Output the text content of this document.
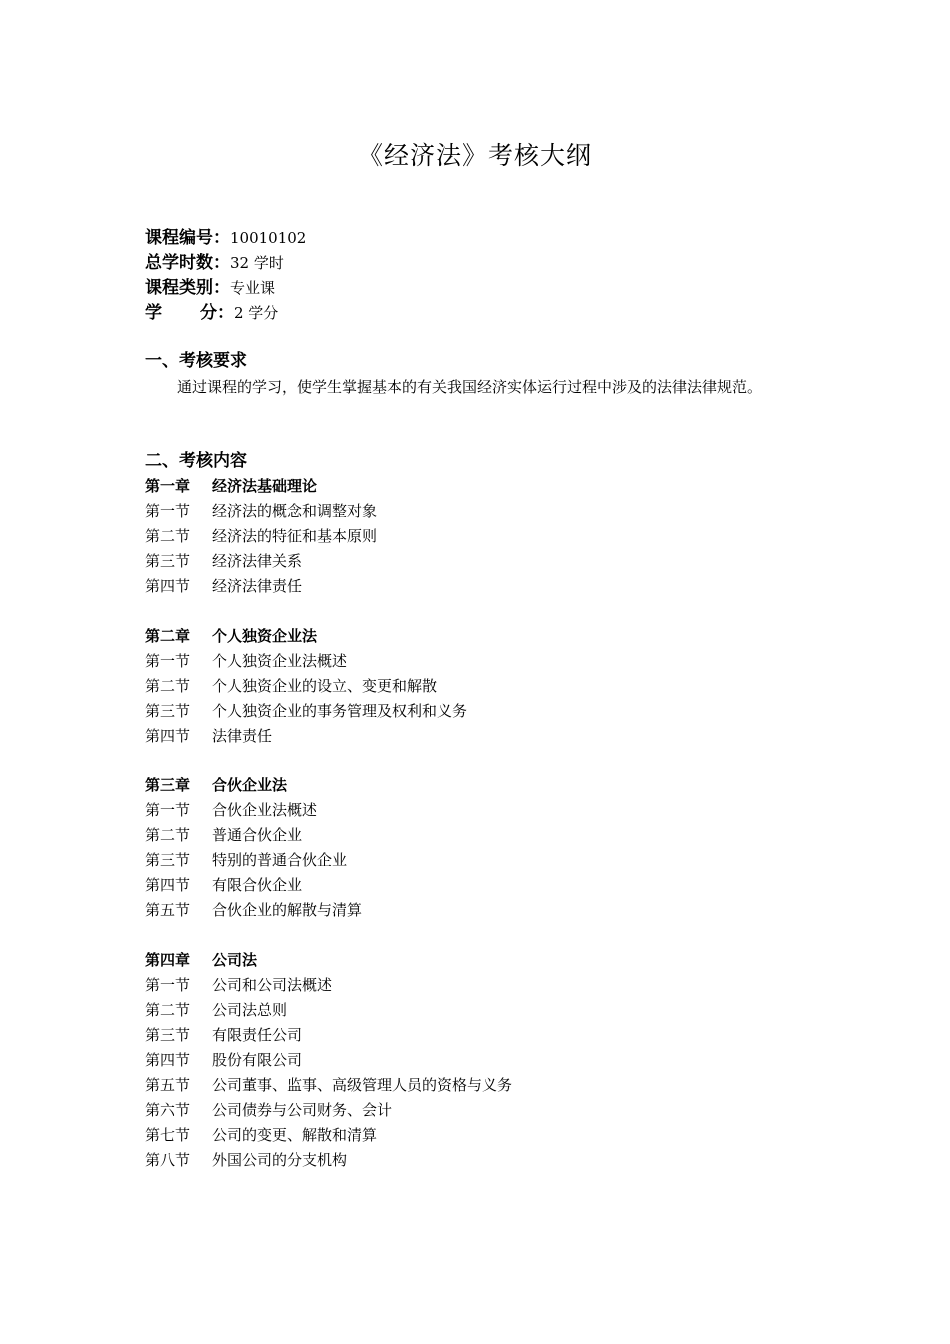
《经济法》考核大纲
课程编号：10010102
总学时数：32 学时
课程类别：专业课
学 分：2 学分
一、考核要求
通过课程的学习，使学生掌握基本的有关我国经济实体运行过程中涉及的法律法律规范。
二、考核内容
第一章 经济法基础理论
第一节 经济法的概念和调整对象
第二节 经济法的特征和基本原则
第三节 经济法律关系
第四节 经济法律责任
第二章 个人独资企业法
第一节 个人独资企业法概述
第二节 个人独资企业的设立、变更和解散
第三节 个人独资企业的事务管理及权利和义务
第四节 法律责任
第三章 合伙企业法
第一节 合伙企业法概述
第二节 普通合伙企业
第三节 特别的普通合伙企业
第四节 有限合伙企业
第五节 合伙企业的解散与清算
第四章 公司法
第一节 公司和公司法概述
第二节 公司法总则
第三节 有限责任公司
第四节 股份有限公司
第五节 公司董事、监事、高级管理人员的资格与义务
第六节 公司债券与公司财务、会计
第七节 公司的变更、解散和清算
第八节 外国公司的分支机构
